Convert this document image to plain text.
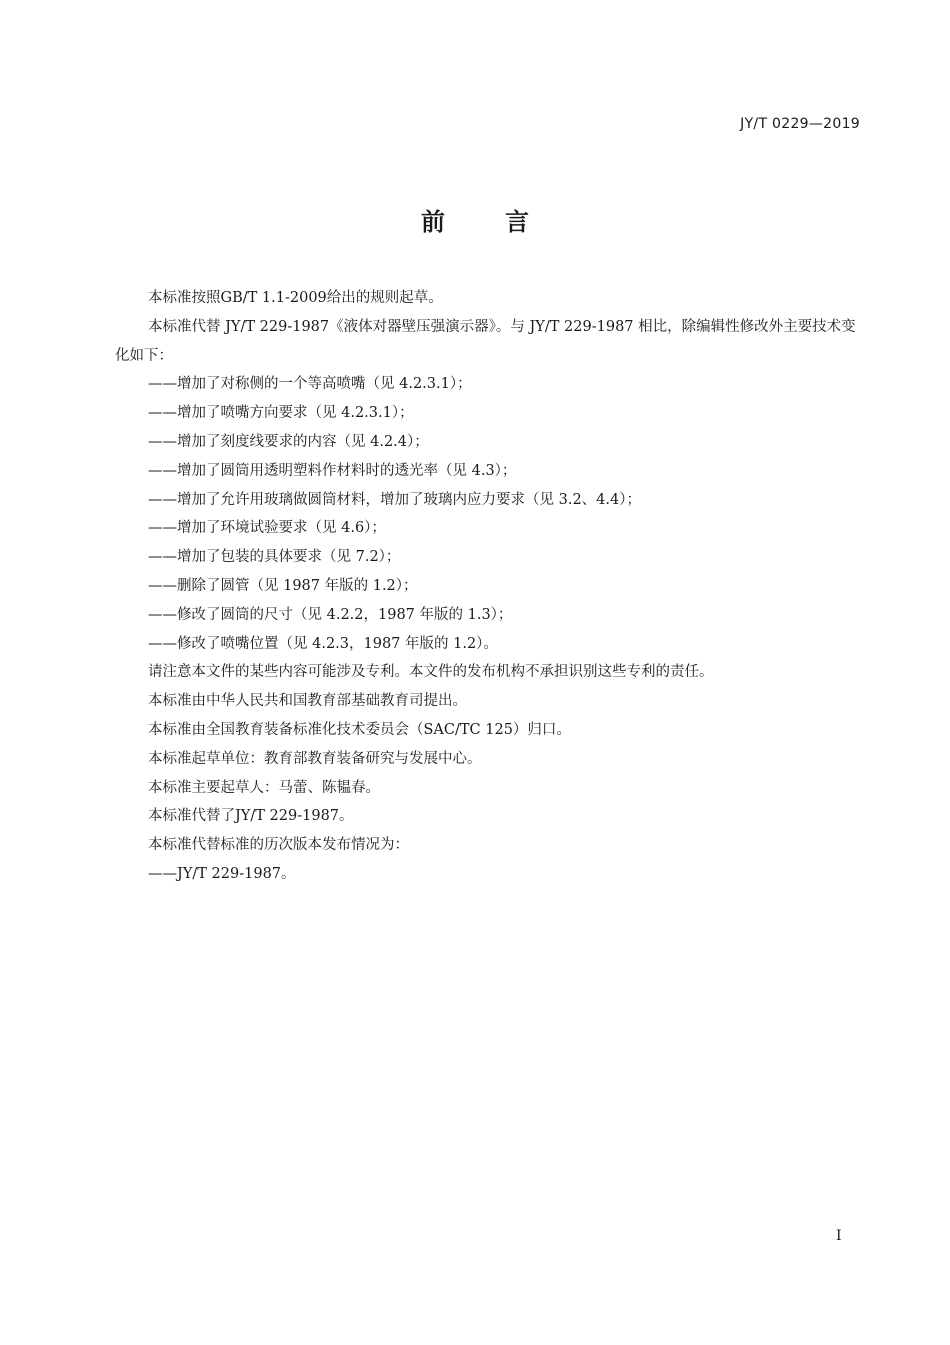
JY/T 0229—2019
前言

本标准按照GB/T 1.1-2009给出的规则起草。

本标准代替 JY/T 229-1987《液体对器壁压强演示器》。与 JY/T 229-1987 相比，除编辑性修改外主要技术变化如下：

——增加了对称侧的一个等高喷嘴（见 4.2.3.1）；

——增加了喷嘴方向要求（见 4.2.3.1）；

——增加了刻度线要求的内容（见 4.2.4）；

——增加了圆筒用透明塑料作材料时的透光率（见 4.3）；

——增加了允许用玻璃做圆筒材料，增加了玻璃内应力要求（见 3.2、4.4）；

——增加了环境试验要求（见 4.6）；

——增加了包装的具体要求（见 7.2）；

——删除了圆管（见 1987 年版的 1.2）；

——修改了圆筒的尺寸（见 4.2.2，1987 年版的 1.3）；

——修改了喷嘴位置（见 4.2.3，1987 年版的 1.2）。

请注意本文件的某些内容可能涉及专利。本文件的发布机构不承担识别这些专利的责任。

本标准由中华人民共和国教育部基础教育司提出。

本标准由全国教育装备标准化技术委员会（SAC/TC 125）归口。

本标准起草单位：教育部教育装备研究与发展中心。

本标准主要起草人：马蕾、陈韫春。

本标准代替了JY/T 229-1987。

本标准代替标准的历次版本发布情况为：

——JY/T 229-1987。

I
